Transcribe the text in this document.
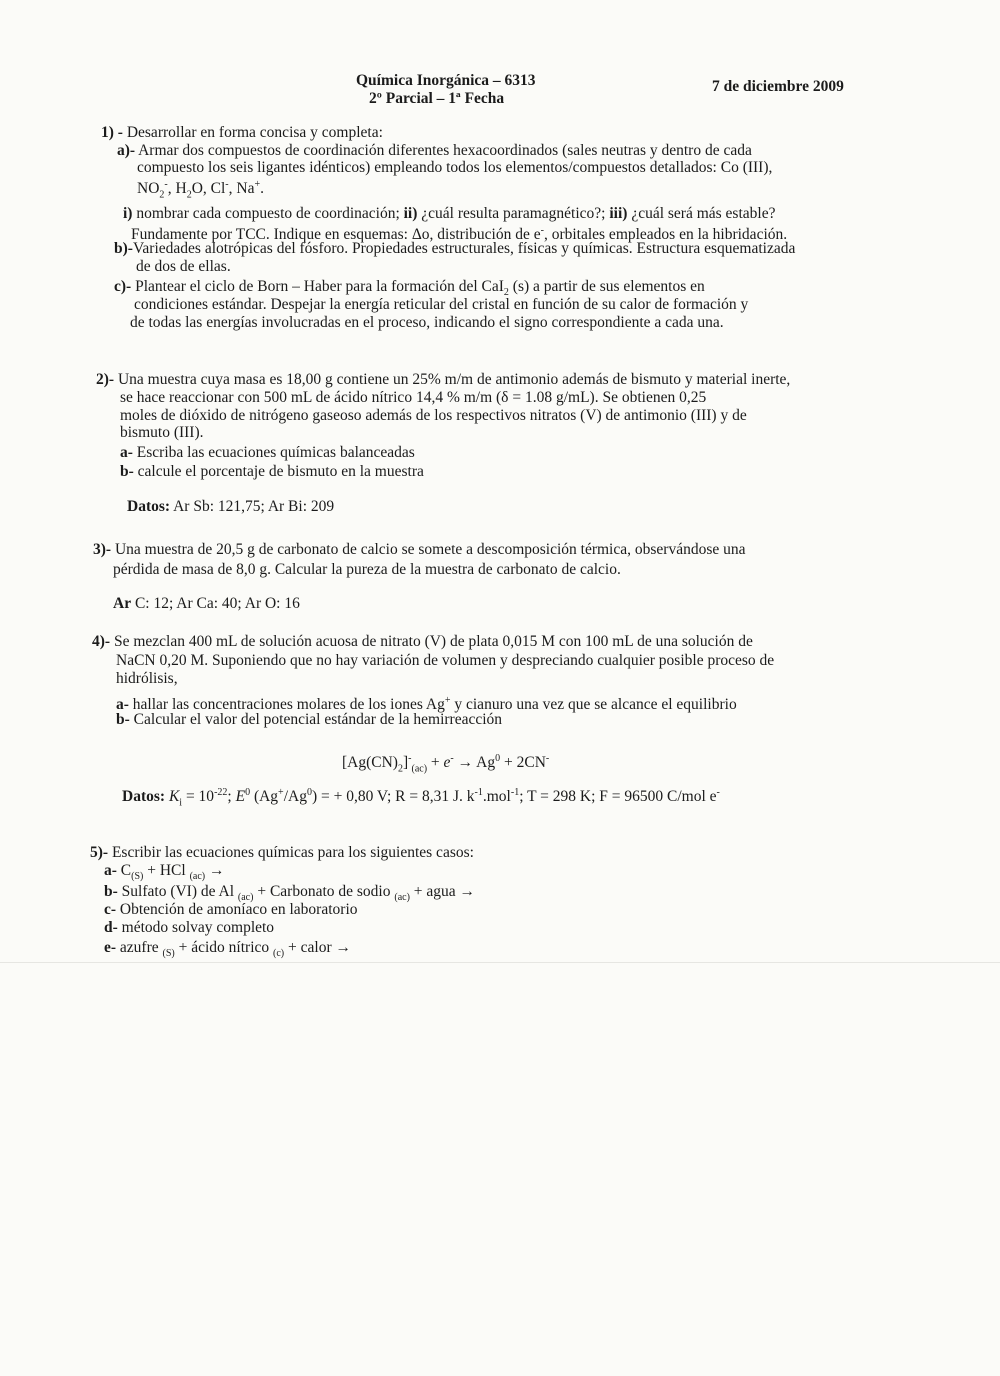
Química Inorgánica – 6313
2º Parcial – 1ª Fecha
7 de diciembre 2009
1) - Desarrollar en forma concisa y completa:
a)- Armar dos compuestos de coordinación diferentes hexacoordinados (sales neutras y dentro de cada
compuesto los seis ligantes idénticos) empleando todos los elementos/compuestos detallados: Co (III),
$NO_2^-$, $H_2O$, Cl-, Na+.
i) nombrar cada compuesto de coordinación; ii) ¿cuál resulta paramagnético?; iii) ¿cuál será más estable?
Fundamente por TCC. Indique en esquemas: Δo, distribución de e-, orbitales empleados en la hibridación.
b)-Variedades alotrópicas del fósforo. Propiedades estructurales, físicas y químicas. Estructura esquematizada
de dos de ellas.
c)- Plantear el ciclo de Born – Haber para la formación del CaI$_2$ (s) a partir de sus elementos en
condiciones estándar. Despejar la energía reticular del cristal en función de su calor de formación y
de todas las energías involucradas en el proceso, indicando el signo correspondiente a cada una.
2)- Una muestra cuya masa es 18,00 g contiene un 25% m/m de antimonio además de bismuto y material inerte,
se hace reaccionar con 500 mL de ácido nítrico 14,4 % m/m (δ = 1.08 g/mL). Se obtienen 0,25
moles de dióxido de nitrógeno gaseoso además de los respectivos nitratos (V) de antimonio (III) y de
bismuto (III).
a- Escriba las ecuaciones químicas balanceadas
b- calcule el porcentaje de bismuto en la muestra
Datos: Ar Sb: 121,75; Ar Bi: 209
3)- Una muestra de 20,5 g de carbonato de calcio se somete a descomposición térmica, observándose una
pérdida de masa de 8,0 g. Calcular la pureza de la muestra de carbonato de calcio.
Ar C: 12; Ar Ca: 40; Ar O: 16
4)- Se mezclan 400 mL de solución acuosa de nitrato (V) de plata 0,015 M con 100 mL de una solución de
NaCN 0,20 M. Suponiendo que no hay variación de volumen y despreciando cualquier posible proceso de
hidrólisis,
a- hallar las concentraciones molares de los iones Ag+ y cianuro una vez que se alcance el equilibrio
b- Calcular el valor del potencial estándar de la hemirreacción
$[Ag(CN)_2]^-_{(ac)} + e^- \to Ag^0 + 2CN^-$
Datos: $K_i = 10^{-22}$; $E^0$ $(Ag^+/Ag^0)$ = + 0,80 V; R = 8,31 J. $k^{-1}.mol^{-1}$; T = 298 K; F = 96500 C/mol e-
5)- Escribir las ecuaciones químicas para los siguientes casos:
a- $C_{(S)}$ + HCl $_{(ac)}$ →
b- Sulfato (VI) de Al $_{(ac)}$ + Carbonato de sodio $_{(ac)}$ + agua →
c- Obtención de amoníaco en laboratorio
d- método solvay completo
e- azufre $_{(S)}$ + ácido nítrico $_{(c)}$ + calor →
